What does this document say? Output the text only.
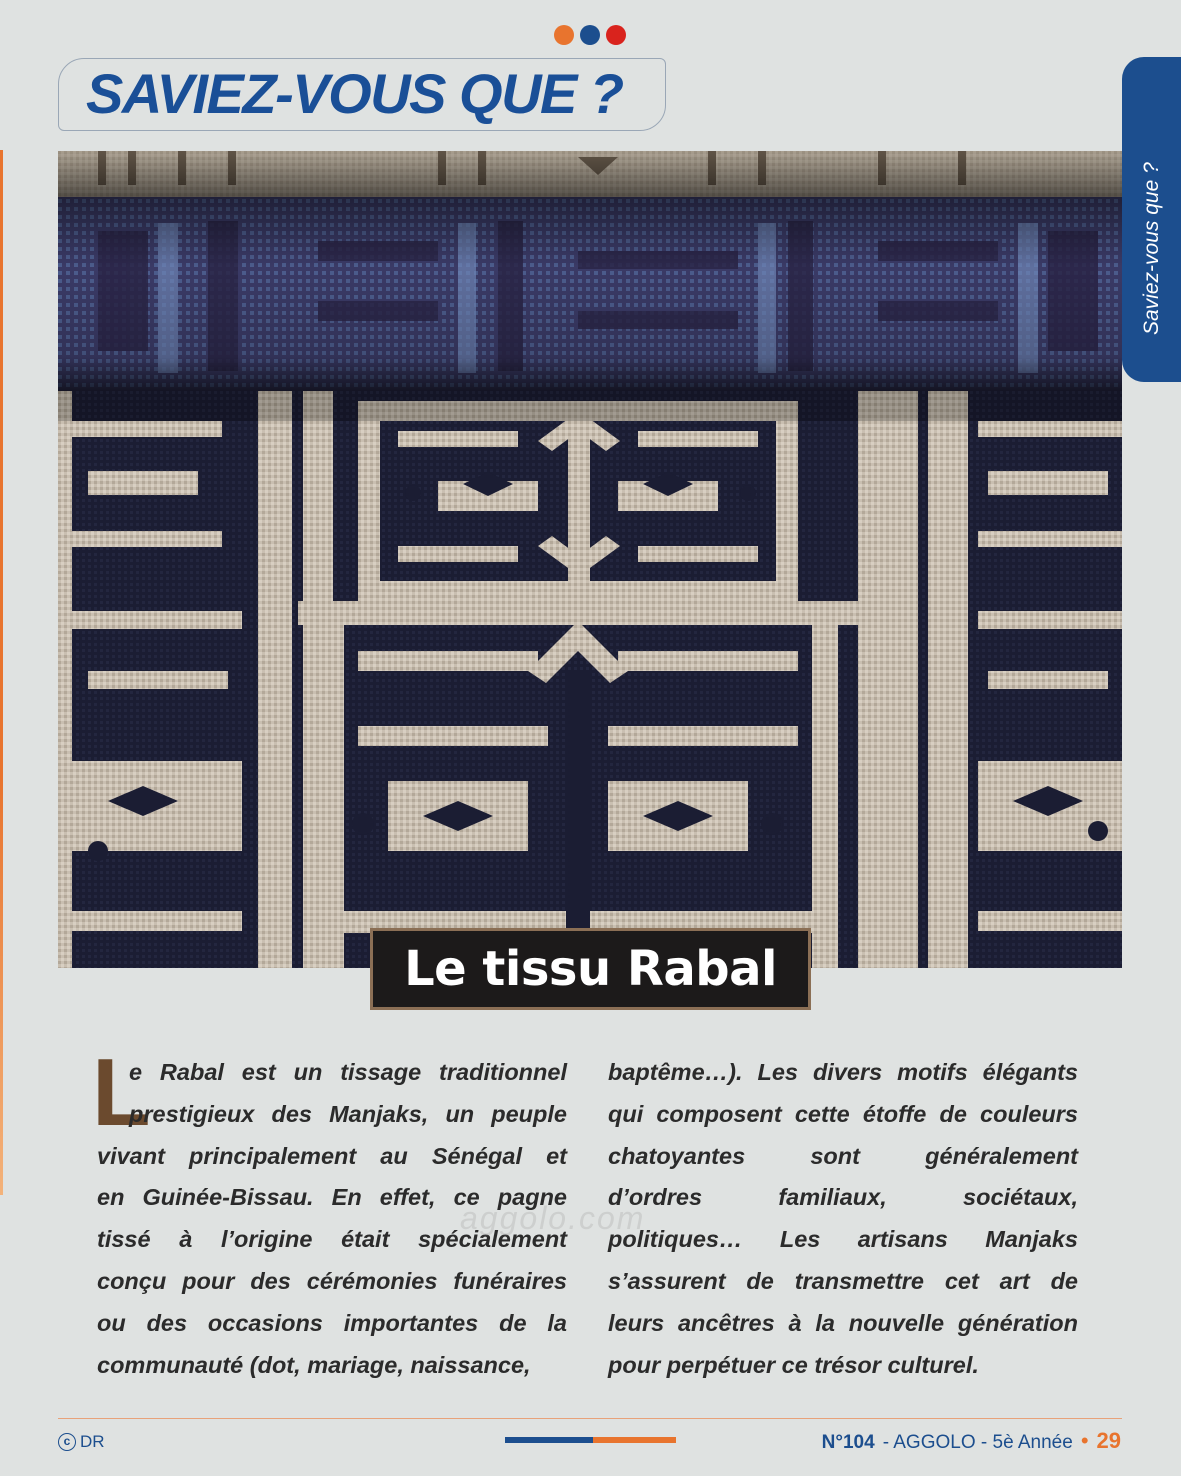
SAVIEZ-VOUS QUE ?
Saviez-vous que ?
Le tissu Rabal
L
e Rabal est un tissage traditionnel
prestigieux des Manjaks, un peuple
vivant principalement au Sénégal et
en Guinée-Bissau. En effet, ce pagne
tissé à l’origine était spécialement
conçu pour des cérémonies funéraires
ou des occasions importantes de la
communauté (dot, mariage, naissance,
baptême…). Les divers motifs élégants
qui composent cette étoffe de couleurs
chatoyantes sont généralement
d’ordres familiaux, sociétaux,
politiques… Les artisans Manjaks
s’assurent de transmettre cet art de
leurs ancêtres à la nouvelle génération
pour perpétuer ce trésor culturel.
aggolo.com
c DR	N°104 - AGGOLO - 5è Année • 29
